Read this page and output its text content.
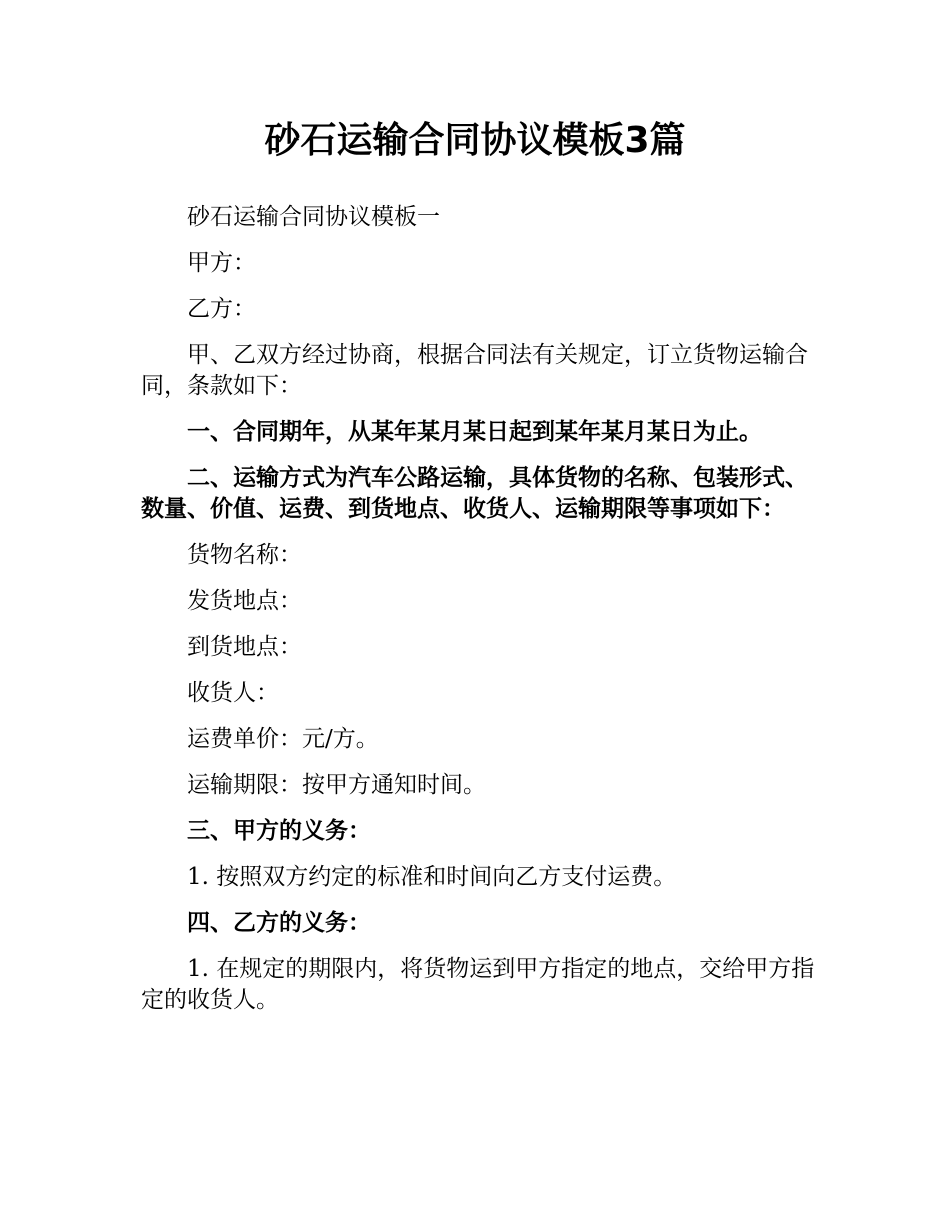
砂石运输合同协议模板3篇

砂石运输合同协议模板一

甲方：

乙方：

甲、乙双方经过协商，根据合同法有关规定，订立货物运输合同，条款如下：

一、合同期年，从某年某月某日起到某年某月某日为止。

二、运输方式为汽车公路运输，具体货物的名称、包装形式、数量、价值、运费、到货地点、收货人、运输期限等事项如下：

货物名称：

发货地点：

到货地点：

收货人：

运费单价：元/方。

运输期限：按甲方通知时间。

三、甲方的义务：

1. 按照双方约定的标准和时间向乙方支付运费。

四、乙方的义务：

1. 在规定的期限内，将货物运到甲方指定的地点，交给甲方指定的收货人。
